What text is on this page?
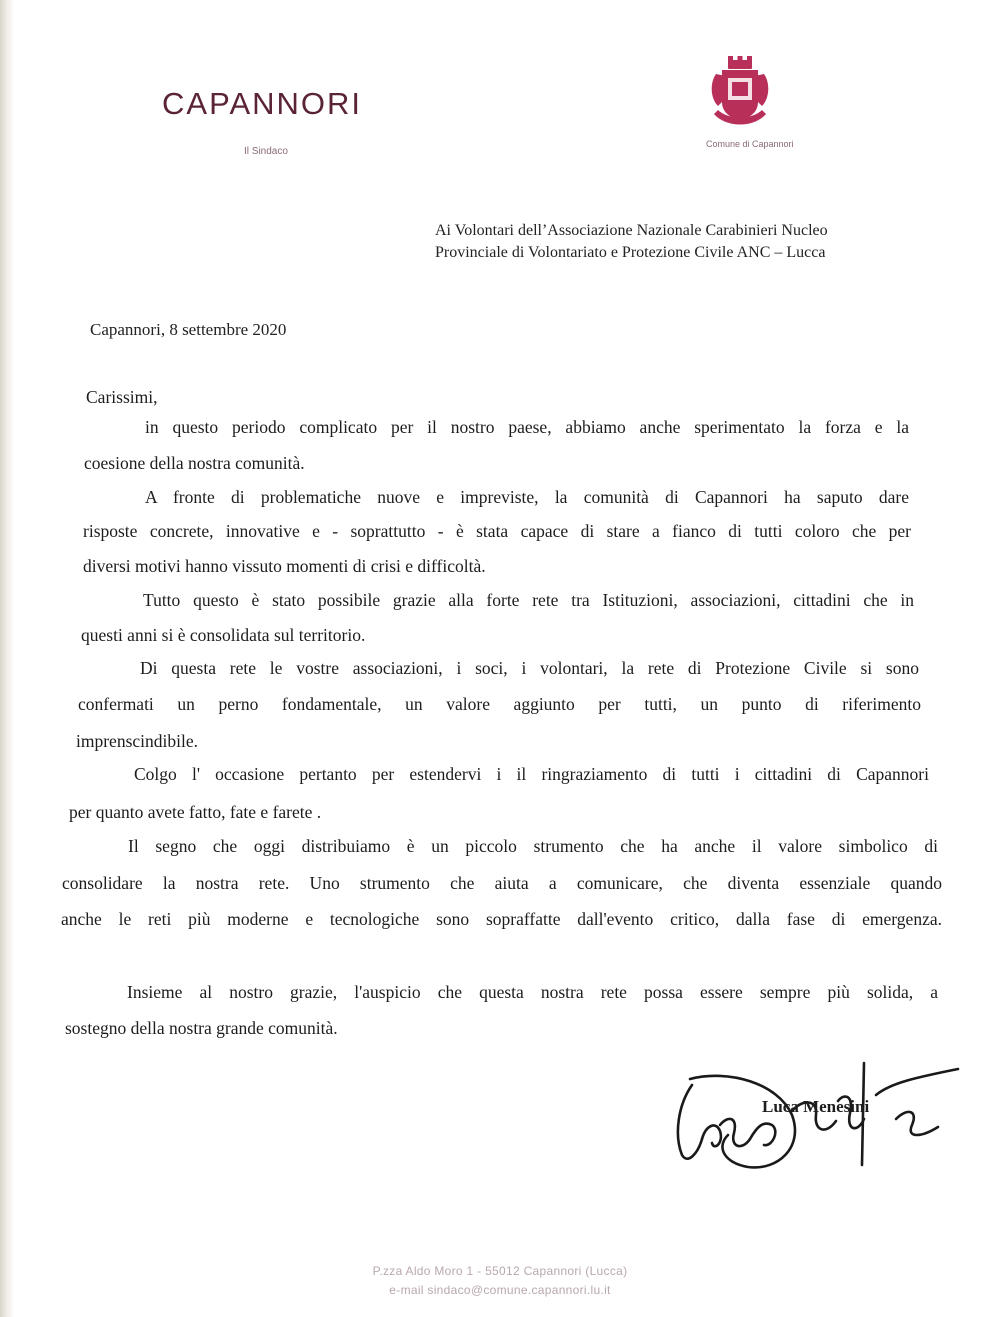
CAPANNORI
Il Sindaco
Comune di Capannori
Ai Volontari dell’Associazione Nazionale Carabinieri Nucleo
Provinciale di Volontariato e Protezione Civile ANC – Lucca
Capannori, 8 settembre 2020
Carissimi,
in questo periodo complicato per il nostro paese, abbiamo anche sperimentato la forza e la
coesione della nostra comunità.
A fronte di problematiche nuove e impreviste, la comunità di Capannori ha saputo dare
risposte concrete, innovative e - soprattutto - è stata capace di stare a fianco di tutti coloro che per
diversi motivi hanno vissuto momenti di crisi e difficoltà.
Tutto questo è stato possibile grazie alla forte rete tra Istituzioni, associazioni, cittadini che in
questi anni si è consolidata sul territorio.
Di questa rete le vostre associazioni, i soci, i volontari, la rete di Protezione Civile si sono
confermati un perno fondamentale, un valore aggiunto per tutti, un punto di riferimento
imprenscindibile.
Colgo l' occasione pertanto per estendervi i il ringraziamento di tutti i cittadini di Capannori
per quanto avete fatto, fate e farete .
Il segno che oggi distribuiamo è un piccolo strumento che ha anche il valore simbolico di
consolidare la nostra rete. Uno strumento che aiuta a comunicare, che diventa essenziale quando
anche le reti più moderne e tecnologiche sono sopraffatte dall'evento critico, dalla fase di emergenza.
Insieme al nostro grazie, l'auspicio che questa nostra rete possa essere sempre più solida, a
sostegno della nostra grande comunità.
Luca Menesini
P.zza Aldo Moro 1 - 55012 Capannori (Lucca)
e-mail sindaco@comune.capannori.lu.it
